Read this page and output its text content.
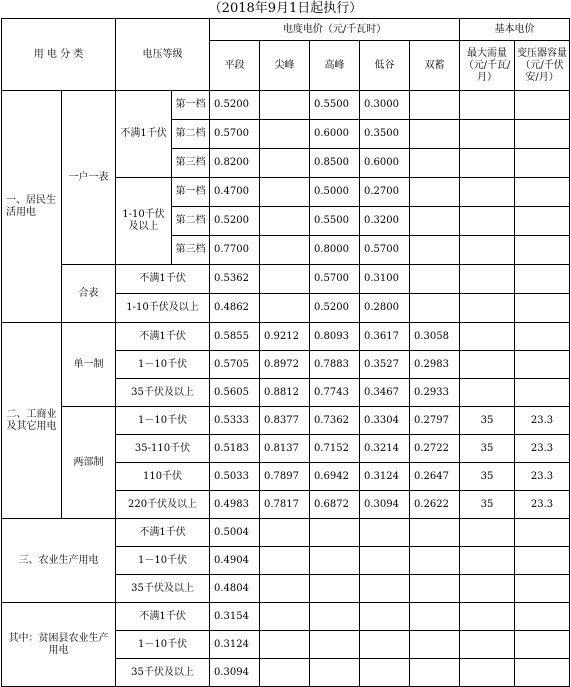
（2018年9月1日起执行）
用 电 分 类		电压等级		电度电价（元/千瓦时）					基本电价	
				平段	尖峰	高峰	低谷	双蓄	最大需量（元/千瓦/月）	变压器容量（元/千伏安/月）

一、居民生活用电	一户一表	不满1千伏	第一档	0.5200		0.5500	0.3000			
			第二档	0.5700		0.6000	0.3500			
			第三档	0.8200		0.8500	0.6000			
		1-10千伏及以上	第一档	0.4700		0.5000	0.2700			
			第二档	0.5200		0.5500	0.3200			
			第三档	0.7700		0.8000	0.5700			
	合表	不满1千伏		0.5362		0.5700	0.3100			
		1-10千伏及以上		0.4862		0.5200	0.2800			
二、工商业及其它用电	单一制	不满1千伏		0.5855	0.9212	0.8093	0.3617	0.3058		
		1－10千伏		0.5705	0.8972	0.7883	0.3527	0.2983		
		35千伏及以上		0.5605	0.8812	0.7743	0.3467	0.2933		
	两部制	1－10千伏		0.5333	0.8377	0.7362	0.3304	0.2797	35	23.3
		35-110千伏		0.5183	0.8137	0.7152	0.3214	0.2722	35	23.3
		110千伏		0.5033	0.7897	0.6942	0.3124	0.2647	35	23.3
		220千伏及以上		0.4983	0.7817	0.6872	0.3094	0.2622	35	23.3
三、农业生产用电		不满1千伏		0.5004						
		1－10千伏		0.4904						
		35千伏及以上		0.4804						
其中：贫困县农业生产用电		不满1千伏		0.3154						
		1－10千伏		0.3124						
		35千伏及以上		0.3094						
